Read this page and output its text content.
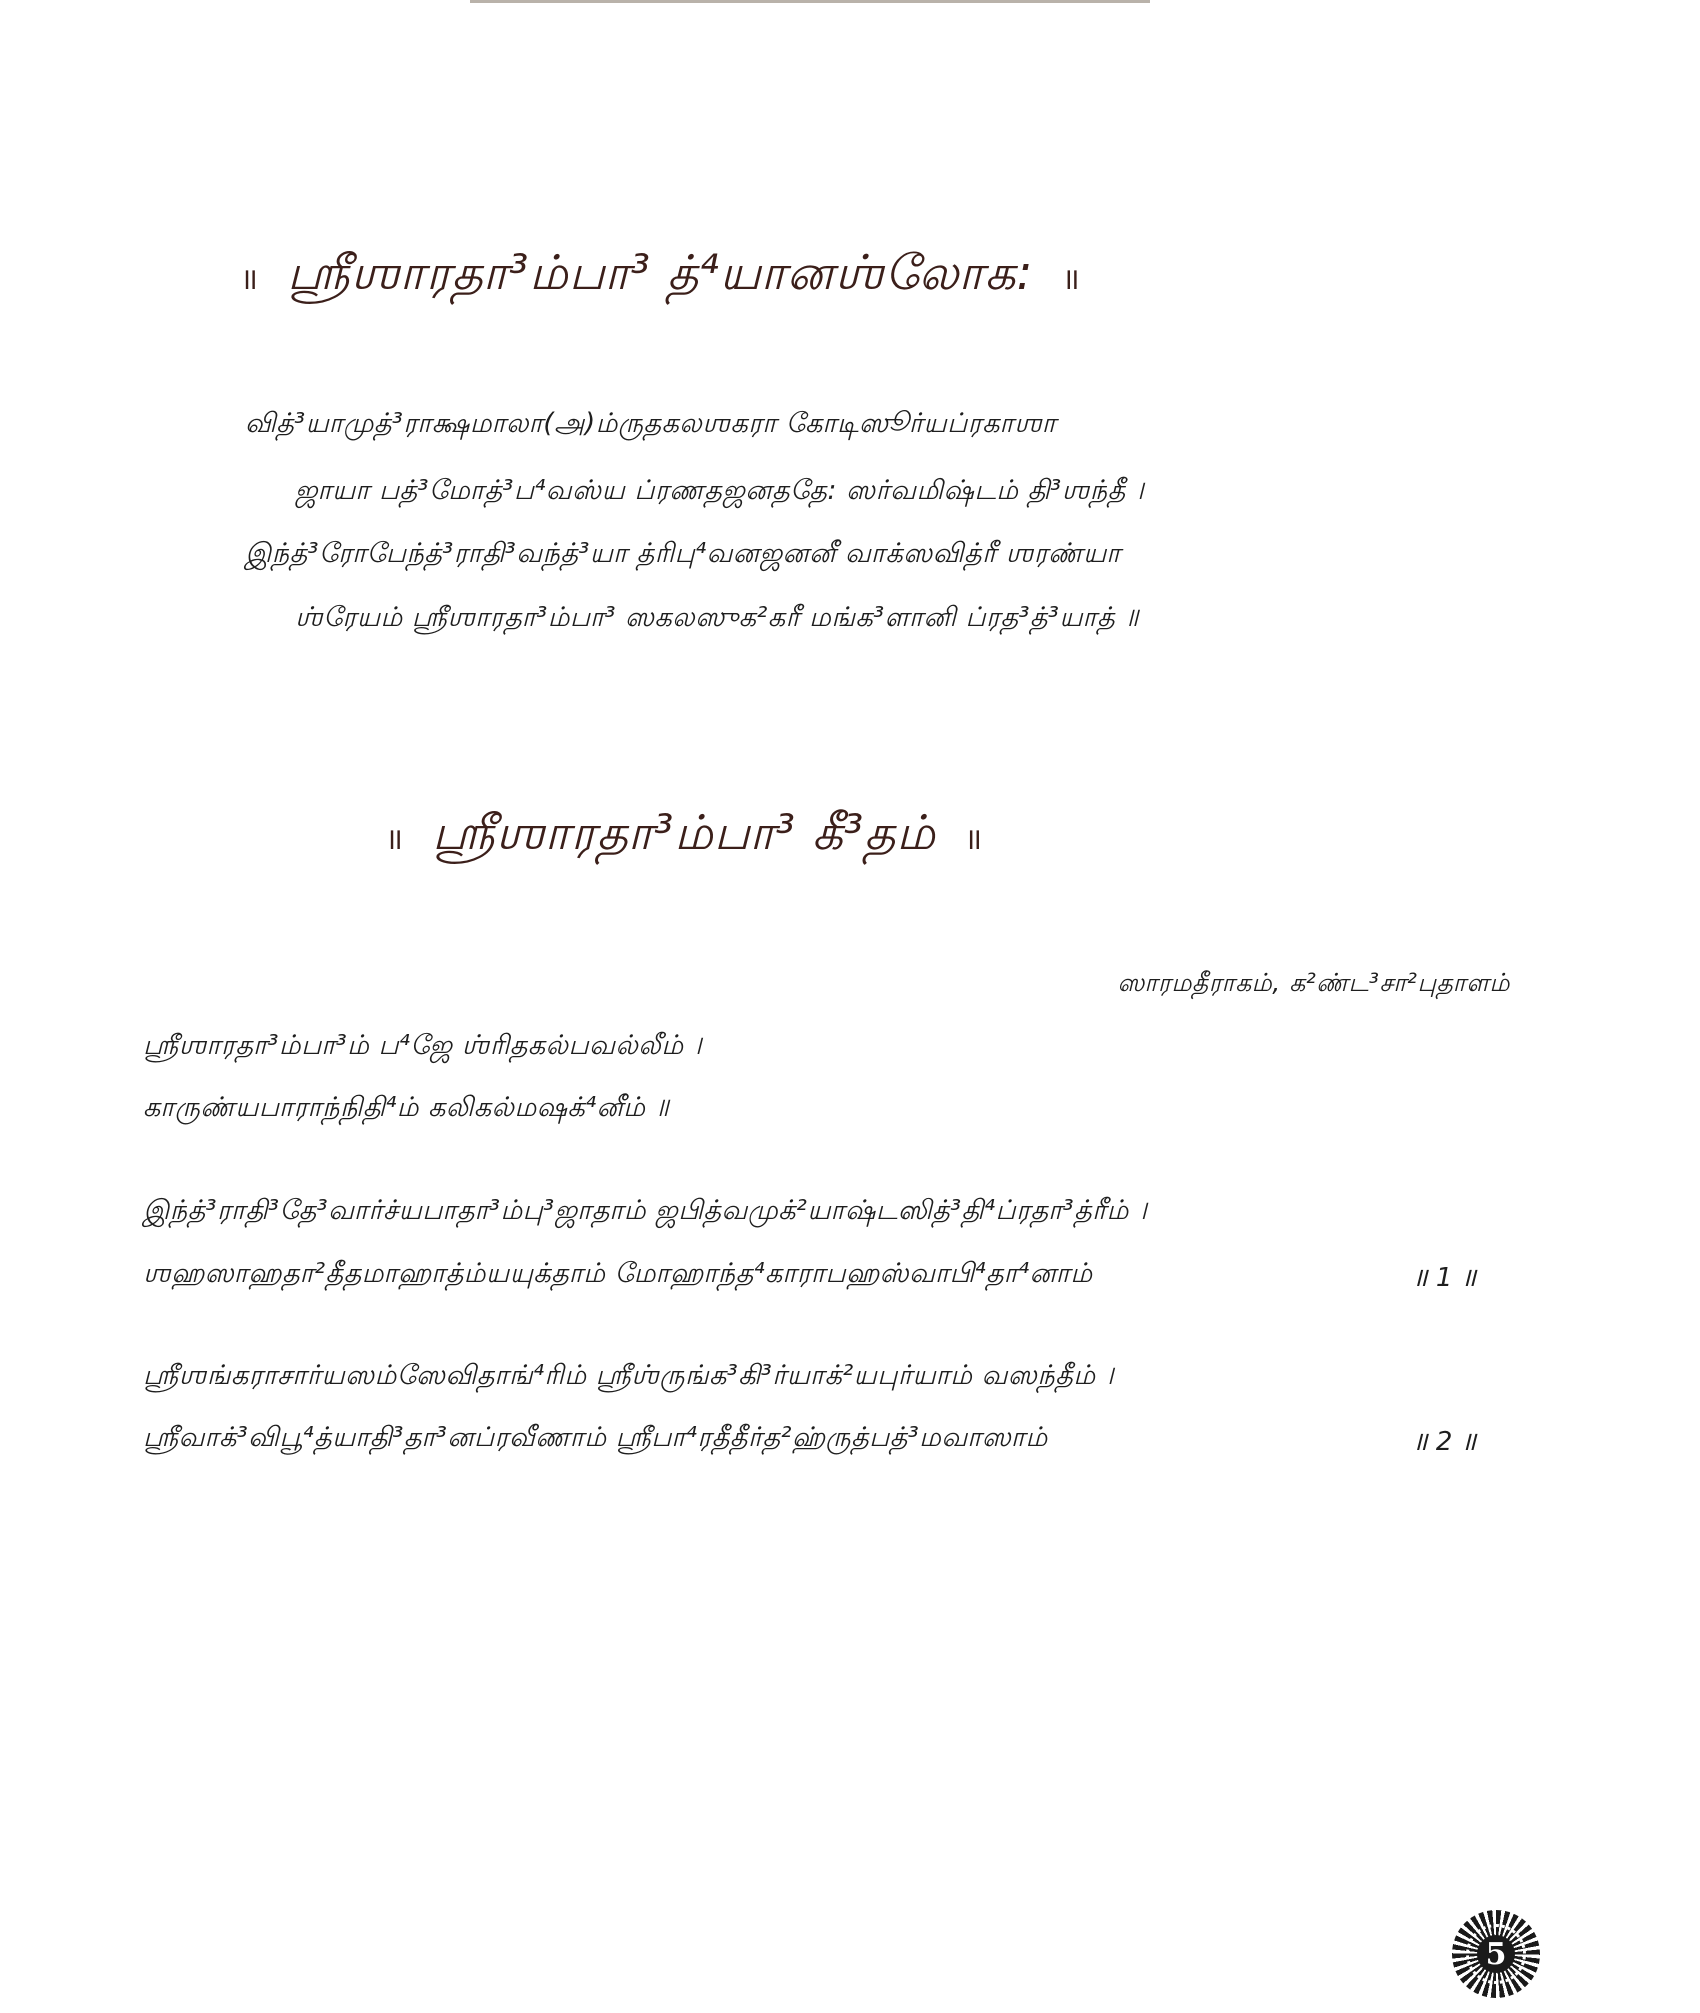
॥ ஶ்ரீஶாரதா³ம்பா³ த்⁴யானஶ்லோக: ॥
வித்³யாமுத்³ராக்ஷமாலா(அ)ம்ருதகலஶகரா கோடிஸூர்யப்ரகாஶா
ஜாயா பத்³மோத்³ப⁴வஸ்ய ப்ரணதஜனததே: ஸர்வமிஷ்டம் தி³ஶந்தீ ।
இந்த்³ரோபேந்த்³ராதி³வந்த்³யா த்ரிபு⁴வனஜனனீ வாக்ஸவித்ரீ ஶரண்யா
ஶ்ரேயம் ஶ்ரீஶாரதா³ம்பா³ ஸகலஸுக²கரீ மங்க³ளானி ப்ரத³த்³யாத் ॥
॥ ஶ்ரீஶாரதா³ம்பா³ கீ³தம் ॥
ஸாரமதீராகம், க²ண்ட³சா²புதாளம்
ஶ்ரீஶாரதா³ம்பா³ம் ப⁴ஜே ஶ்ரிதகல்பவல்லீம் ।
காருண்யபாராந்நிதி⁴ம் கலிகல்மஷக்⁴னீம் ॥
இந்த்³ராதி³தே³வார்ச்யபாதா³ம்பு³ஜாதாம் ஜபித்வமுக்²யாஷ்டஸித்³தி⁴ப்ரதா³த்ரீம் ।
ஶஹஸாஹதா²தீதமாஹாத்ம்யயுக்தாம் மோஹாந்த⁴காராபஹஸ்வாபி⁴தா⁴னாம்	॥ 1 ॥
ஶ்ரீஶங்கராசார்யஸம்ஸேவிதாங்⁴ரிம் ஶ்ரீஶ்ருங்க³கி³ர்யாக்²யபுர்யாம் வஸந்தீம் ।
ஶ்ரீவாக்³விபூ⁴த்யாதி³தா³னப்ரவீணாம் ஶ்ரீபா⁴ரதீதீர்த²ஹ்ருத்பத்³மவாஸாம்	॥ 2 ॥
5
